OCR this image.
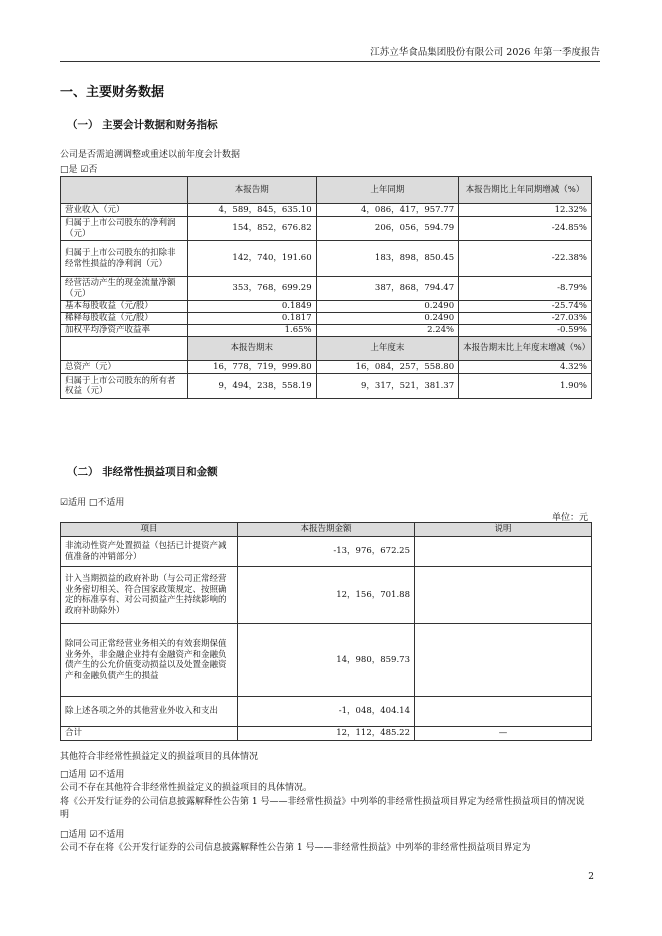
江苏立华食品集团股份有限公司 2026 年第一季度报告
一、主要财务数据
（一） 主要会计数据和财务指标
公司是否需追溯调整或重述以前年度会计数据
□是 ☑否
	本报告期	上年同期	本报告期比上年同期增减（%）
营业收入（元）	4，589，845，635.10	4，086，417，957.77	12.32%
归属于上市公司股东的净利润（元）	154，852，676.82	206，056，594.79	-24.85%
归属于上市公司股东的扣除非经常性损益的净利润（元）	142，740，191.60	183，898，850.45	-22.38%
经营活动产生的现金流量净额（元）	353，768，699.29	387，868，794.47	-8.79%
基本每股收益（元/股）	0.1849	0.2490	-25.74%
稀释每股收益（元/股）	0.1817	0.2490	-27.03%
加权平均净资产收益率	1.65%	2.24%	-0.59%
	本报告期末	上年度末	本报告期末比上年度末增减（%）
总资产（元）	16，778，719，999.80	16，084，257，558.80	4.32%
归属于上市公司股东的所有者权益（元）	9，494，238，558.19	9，317，521，381.37	1.90%
（二） 非经常性损益项目和金额
☑适用 □不适用
单位：元
项目	本报告期金额	说明
非流动性资产处置损益（包括已计提资产减值准备的冲销部分）	-13，976，672.25	
计入当期损益的政府补助（与公司正常经营业务密切相关、符合国家政策规定、按照确定的标准享有、对公司损益产生持续影响的政府补助除外）	12，156，701.88	
除同公司正常经营业务相关的有效套期保值业务外，非金融企业持有金融资产和金融负债产生的公允价值变动损益以及处置金融资产和金融负债产生的损益	14，980，859.73	
除上述各项之外的其他营业外收入和支出	-1，048，404.14	
合计	12，112，485.22	—
其他符合非经常性损益定义的损益项目的具体情况
□适用 ☑不适用
公司不存在其他符合非经常性损益定义的损益项目的具体情况。
将《公开发行证券的公司信息披露解释性公告第 1 号——非经常性损益》中列举的非经常性损益项目界定为经常性损益项目的情况说明
□适用 ☑不适用
公司不存在将《公开发行证券的公司信息披露解释性公告第 1 号——非经常性损益》中列举的非经常性损益项目界定为
2
